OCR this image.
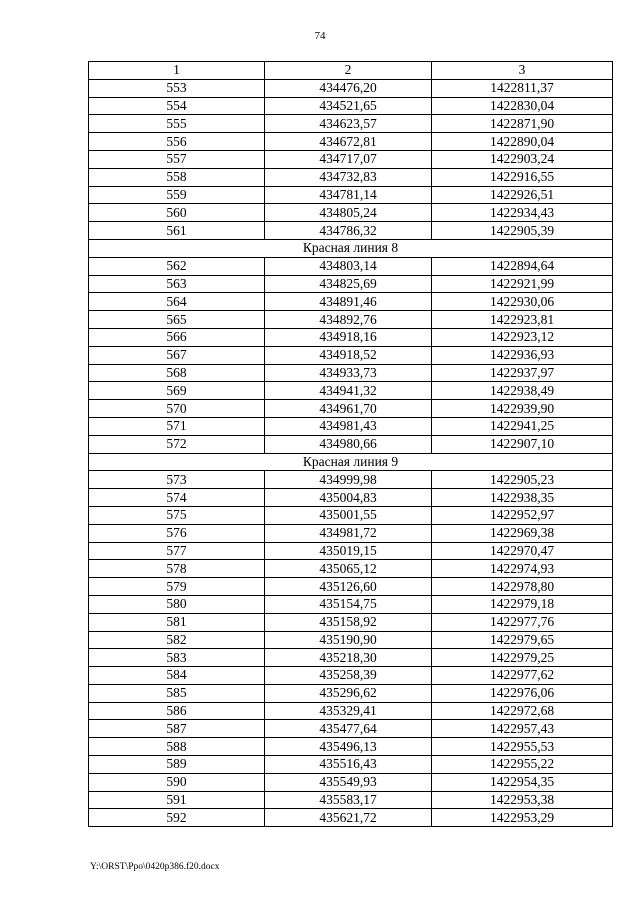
74
1	2	3
553	434476,20	1422811,37
554	434521,65	1422830,04
555	434623,57	1422871,90
556	434672,81	1422890,04
557	434717,07	1422903,24
558	434732,83	1422916,55
559	434781,14	1422926,51
560	434805,24	1422934,43
561	434786,32	1422905,39
Красная линия 8		
562	434803,14	1422894,64
563	434825,69	1422921,99
564	434891,46	1422930,06
565	434892,76	1422923,81
566	434918,16	1422923,12
567	434918,52	1422936,93
568	434933,73	1422937,97
569	434941,32	1422938,49
570	434961,70	1422939,90
571	434981,43	1422941,25
572	434980,66	1422907,10
Красная линия 9		
573	434999,98	1422905,23
574	435004,83	1422938,35
575	435001,55	1422952,97
576	434981,72	1422969,38
577	435019,15	1422970,47
578	435065,12	1422974,93
579	435126,60	1422978,80
580	435154,75	1422979,18
581	435158,92	1422977,76
582	435190,90	1422979,65
583	435218,30	1422979,25
584	435258,39	1422977,62
585	435296,62	1422976,06
586	435329,41	1422972,68
587	435477,64	1422957,43
588	435496,13	1422955,53
589	435516,43	1422955,22
590	435549,93	1422954,35
591	435583,17	1422953,38
592	435621,72	1422953,29
Y:\ORST\Ppo\0420p386.f20.docx
